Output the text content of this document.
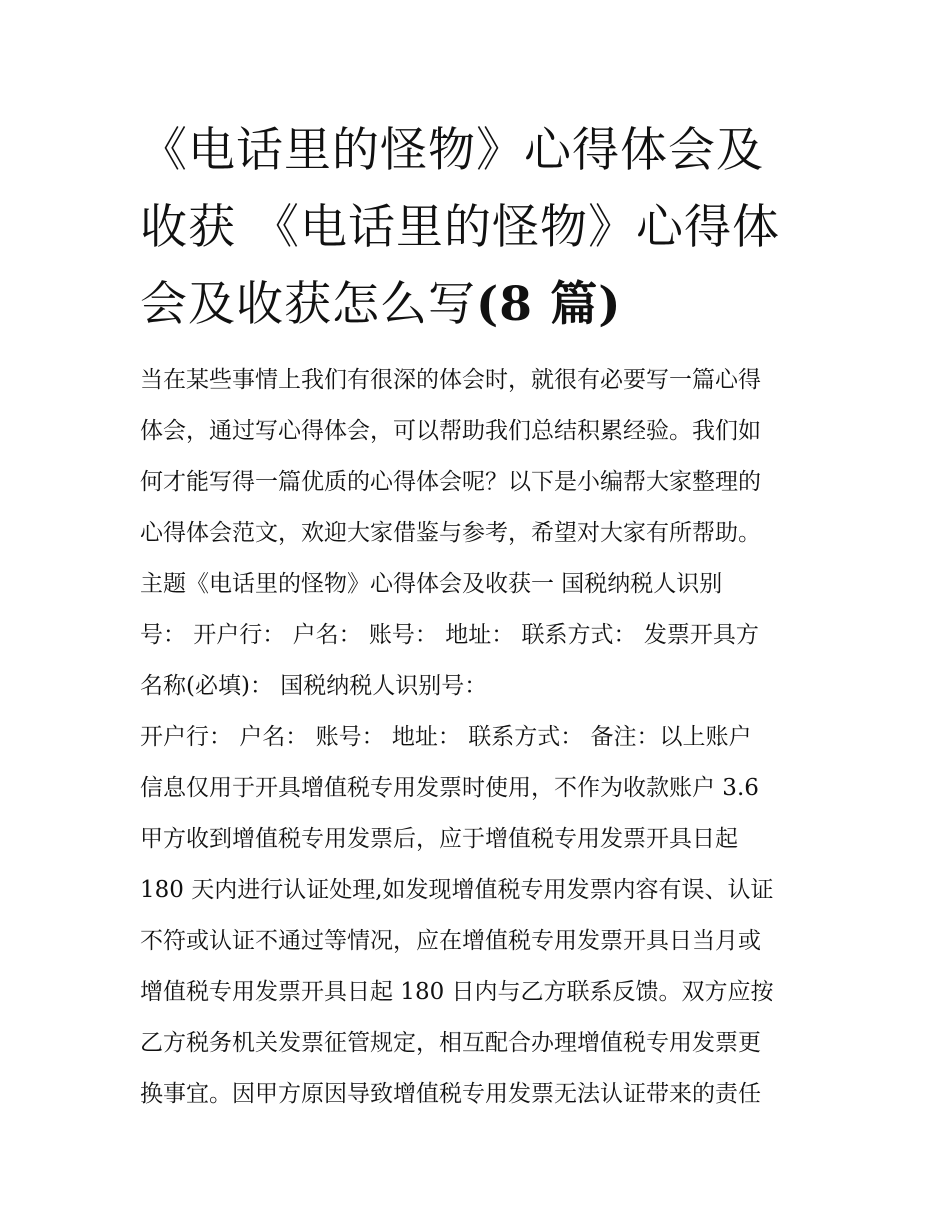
《电话里的怪物》心得体会及
收获 《电话里的怪物》心得体
会及收获怎么写(8 篇)
当在某些事情上我们有很深的体会时，就很有必要写一篇心得
体会，通过写心得体会，可以帮助我们总结积累经验。我们如
何才能写得一篇优质的心得体会呢？以下是小编帮大家整理的
心得体会范文，欢迎大家借鉴与参考，希望对大家有所帮助。
主题《电话里的怪物》心得体会及收获一 国税纳税人识别
号： 开户行： 户名： 账号： 地址： 联系方式： 发票开具方
名称(必填)： 国税纳税人识别号：
开户行： 户名： 账号： 地址： 联系方式： 备注：以上账户
信息仅用于开具增值税专用发票时使用，不作为收款账户 3.6
甲方收到增值税专用发票后，应于增值税专用发票开具日起
180 天内进行认证处理,如发现增值税专用发票内容有误、认证
不符或认证不通过等情况，应在增值税专用发票开具日当月或
增值税专用发票开具日起 180 日内与乙方联系反馈。双方应按
乙方税务机关发票征管规定，相互配合办理增值税专用发票更
换事宜。因甲方原因导致增值税专用发票无法认证带来的责任
